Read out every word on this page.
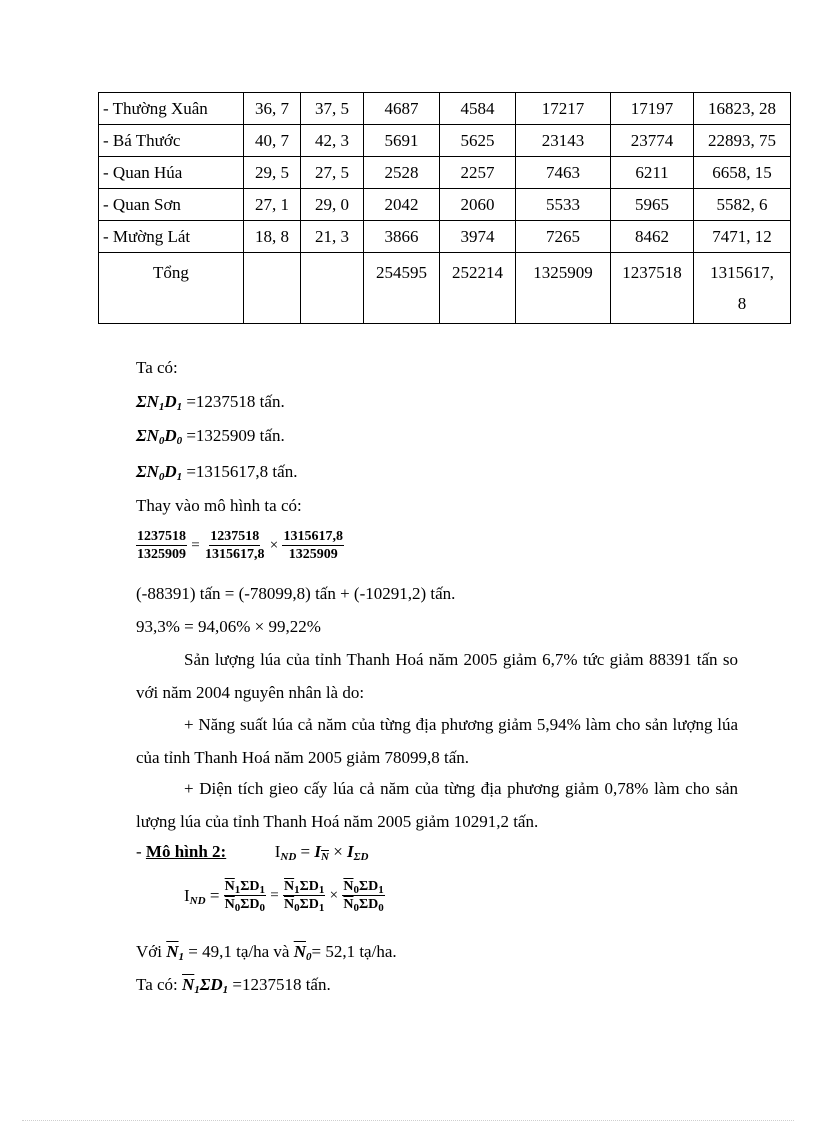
- Thường Xuân	36, 7	37, 5	4687	4584	17217	17197	16823, 28
- Bá Thước	40, 7	42, 3	5691	5625	23143	23774	22893, 75
- Quan Húa	29, 5	27, 5	2528	2257	7463	6211	6658, 15
- Quan Sơn	27, 1	29, 0	2042	2060	5533	5965	5582, 6
- Mường Lát	18, 8	21, 3	3866	3974	7265	8462	7471, 12
Tổng			254595	252214	1325909	1237518	1315617,
8
Ta có:
$\Sigma N_1D_1 =1237518$ tấn.
$\Sigma N_0D_0 =1325909$ tấn.
$\Sigma N_0D_1 =1315617,8$ tấn.
Thay vào mô hình ta có:
$\frac{1237518}{1325909} = \frac{1237518}{1315617,8} \times \frac{1315617,8}{1325909}$
(-88391) tấn = (-78099,8) tấn + (-10291,2) tấn.
93,3% = 94,06% × 99,22%
Sản lượng lúa của tỉnh Thanh Hoá năm 2005 giảm 6,7% tức giảm 88391 tấn so với năm 2004 nguyên nhân là do:
+ Năng suất lúa cả năm của từng địa phương giảm 5,94% làm cho sản lượng lúa của tỉnh Thanh Hoá năm 2005 giảm 78099,8 tấn.
+ Diện tích gieo cấy lúa cả năm của từng địa phương giảm 0,78% làm cho sản lượng lúa của tỉnh Thanh Hoá năm 2005 giảm 10291,2 tấn.
- Mô hình 2:	$I_{ND} = I_{\overline{N}} \times I_{\Sigma D}$
$I_{ND} = \frac{\overline{N}_1\Sigma D_1}{\overline{N}_0\Sigma D_0} = \frac{\overline{N}_1\Sigma D_1}{\overline{N}_0\Sigma D_1} \times \frac{\overline{N}_0\Sigma D_1}{\overline{N}_0\Sigma D_0}$
Với $\overline{N}_1 = 49,1$ tạ/ha và $\overline{N}_0= 52,1$ tạ/ha.
Ta có: $\overline{N}_1\Sigma D_1 =1237518$ tấn.
